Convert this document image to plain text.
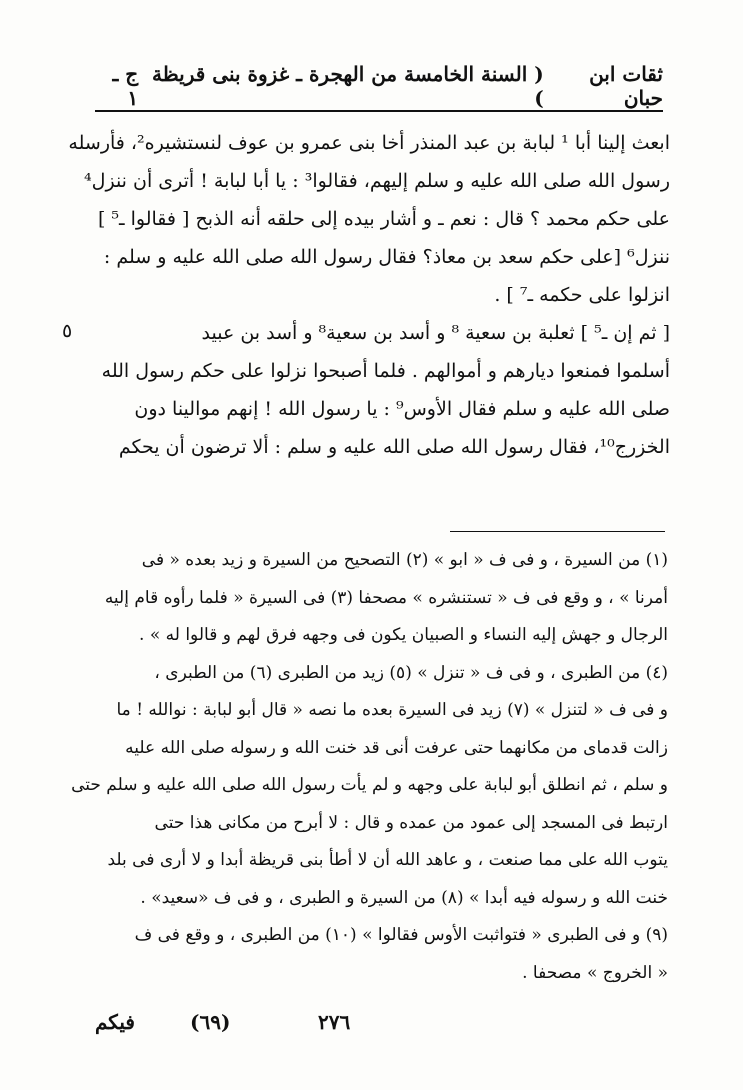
ثقات ابن حبان
( السنة الخامسة من الهجرة ـ غزوة بنى قريظة )
ج ـ ١
ابعث إلينا أبا ¹ لبابة بن عبد المنذر أخا بنى عمرو بن عوف لنستشيره²، فأرسله
رسول الله صلى الله عليه و سلم إليهم، فقالوا³ : يا أبا لبابة ! أترى أن ننزل⁴
على حكم محمد ؟ قال : نعم ـ و أشار بيده إلى حلقه أنه الذبح [ فقالوا ـ⁵ ]
ننزل⁶ [على حكم سعد بن معاذ؟ فقال رسول الله صلى الله عليه و سلم :
انزلوا على حكمه ـ⁷ ] .
[ ثم إن ـ⁵ ] ثعلبة بن سعية ⁸ و أسد بن سعية⁸ و أسد بن عبيد
أسلموا فمنعوا ديارهم و أموالهم . فلما أصبحوا نزلوا على حكم رسول الله
صلى الله عليه و سلم فقال الأوس⁹ : يا رسول الله ! إنهم موالينا دون
الخزرج¹⁰، فقال رسول الله صلى الله عليه و سلم : ألا ترضون أن يحكم
٥
(١) من السيرة ، و فى ف « ابو » (٢) التصحيح من السيرة و زيد بعده « فى
أمرنا » ، و وقع فى ف « تستنشره » مصحفا (٣) فى السيرة « فلما رأوه قام إليه
الرجال و جهش إليه النساء و الصبيان يكون فى وجهه فرق لهم و قالوا له » .
(٤) من الطبرى ، و فى ف « تنزل » (٥) زيد من الطبرى (٦) من الطبرى ،
و فى ف « لتنزل » (٧) زيد فى السيرة بعده ما نصه « قال أبو لبابة : نوالله ! ما
زالت قدماى من مكانهما حتى عرفت أنى قد خنت الله و رسوله صلى الله عليه
و سلم ، ثم انطلق أبو لبابة على وجهه و لم يأت رسول الله صلى الله عليه و سلم حتى
ارتبط فى المسجد إلى عمود من عمده و قال : لا أبرح من مكانى هذا حتى
يتوب الله على مما صنعت ، و عاهد الله أن لا أطأ بنى قريظة أبدا و لا أرى فى بلد
خنت الله و رسوله فيه أبدا » (٨) من السيرة و الطبرى ، و فى ف «سعيد» .
(٩) و فى الطبرى « فتواثبت الأوس فقالوا » (١٠) من الطبرى ، و وقع فى ف
« الخروج » مصحفا .
فيكم	(٦٩)	٢٧٦
